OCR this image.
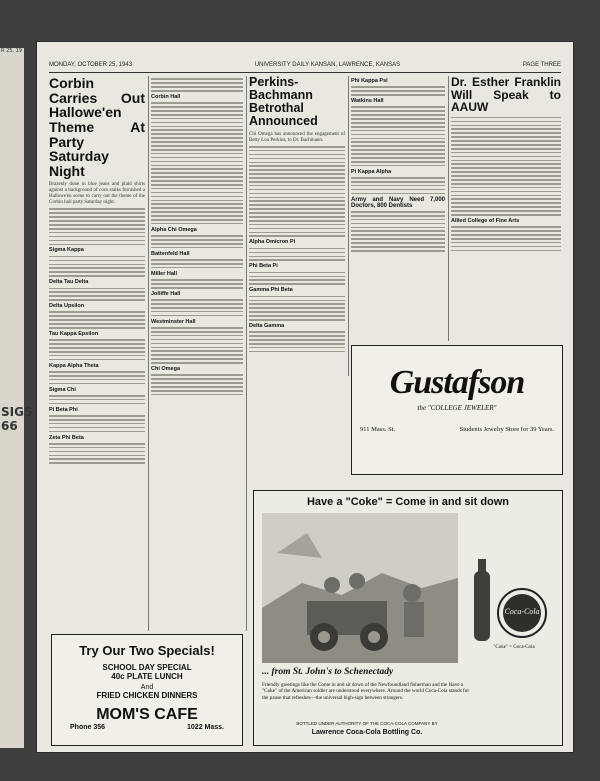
R 25, 19
SIGS
66
MONDAY, OCTOBER 25, 1943	UNIVERSITY DAILY KANSAN, LAWRENCE, KANSAS	PAGE THREE
Corbin Carries Out Hallowe'en Theme At Party Saturday Night
Brazenly done in blue jeans and plaid shirts against a background of corn stalks furnished a Hallowe'en scene to carry out the theme of the Corbin hall party Saturday night.
Sigma Kappa
Delta Tau Delta
Delta Upsilon
Tau Kappa Epsilon
Kappa Alpha Theta
Sigma Chi
Pi Beta Phi
Zeta Phi Beta
Corbin Hall
Alpha Chi Omega
Battenfeld Hall
Miller Hall
Jolliffe Hall
Westminster Hall
Chi Omega
Perkins-Bachmann Betrothal Announced
Chi Omega has announced the engagement of Betty Lou Perkins, to Dr. Bachmann.
Alpha Omicron Pi
Phi Beta Pi
Gamma Phi Beta
Delta Gamma
Phi Kappa Psi
Watkins Hall
Pi Kappa Alpha
Army and Navy Need 7,000 Doctors, 800 Dentists
Dr. Esther Franklin Will Speak to AAUW
Allied College of Fine Arts
Try Our Two Specials!
SCHOOL DAY SPECIAL
40c PLATE LUNCH
And
FRIED CHICKEN DINNERS
MOM'S CAFE
Phone 356	1022 Mass.
Gustafson
the "COLLEGE JEWELER"
911 Mass. St.	Students Jewelry Store for 39 Years.
Have a "Coke" = Come in and sit down
Coca-Cola
"Coke" = Coca-Cola
... from St. John's to Schenectady
Friendly greetings like the Come in and sit down of the Newfoundland fisherman and the Have a "Coke" of the American soldier are understood everywhere. Around the world Coca-Cola stands for the pause that refreshes—the universal high-sign between strangers.
BOTTLED UNDER AUTHORITY OF THE COCA-COLA COMPANY BY
Lawrence Coca-Cola Bottling Co.
